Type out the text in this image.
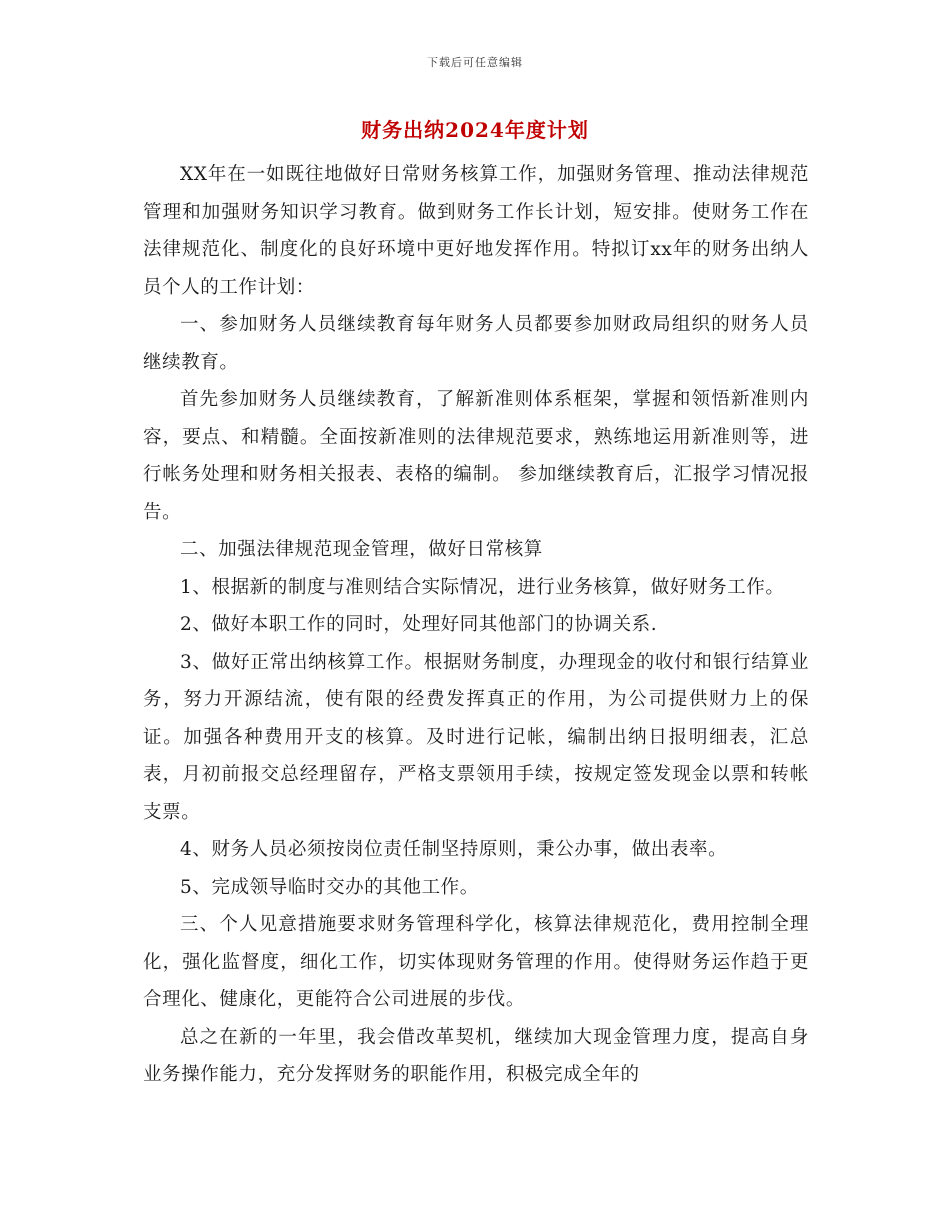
下载后可任意编辑
财务出纳2024年度计划

XX年在一如既往地做好日常财务核算工作，加强财务管理、推动法律规范管理和加强财务知识学习教育。做到财务工作长计划，短安排。使财务工作在法律规范化、制度化的良好环境中更好地发挥作用。特拟订xx年的财务出纳人员个人的工作计划：

一、参加财务人员继续教育每年财务人员都要参加财政局组织的财务人员继续教育。

首先参加财务人员继续教育，了解新准则体系框架，掌握和领悟新准则内容，要点、和精髓。全面按新准则的法律规范要求，熟练地运用新准则等，进行帐务处理和财务相关报表、表格的编制。 参加继续教育后，汇报学习情况报告。

二、加强法律规范现金管理，做好日常核算

1、根据新的制度与准则结合实际情况，进行业务核算，做好财务工作。

2、做好本职工作的同时，处理好同其他部门的协调关系.

3、做好正常出纳核算工作。根据财务制度，办理现金的收付和银行结算业务，努力开源结流，使有限的经费发挥真正的作用，为公司提供财力上的保证。加强各种费用开支的核算。及时进行记帐，编制出纳日报明细表，汇总表，月初前报交总经理留存，严格支票领用手续，按规定签发现金以票和转帐支票。

4、财务人员必须按岗位责任制坚持原则，秉公办事，做出表率。

5、完成领导临时交办的其他工作。

三、个人见意措施要求财务管理科学化，核算法律规范化，费用控制全理化，强化监督度，细化工作，切实体现财务管理的作用。使得财务运作趋于更合理化、健康化，更能符合公司进展的步伐。

总之在新的一年里，我会借改革契机，继续加大现金管理力度，提高自身业务操作能力，充分发挥财务的职能作用，积极完成全年的
